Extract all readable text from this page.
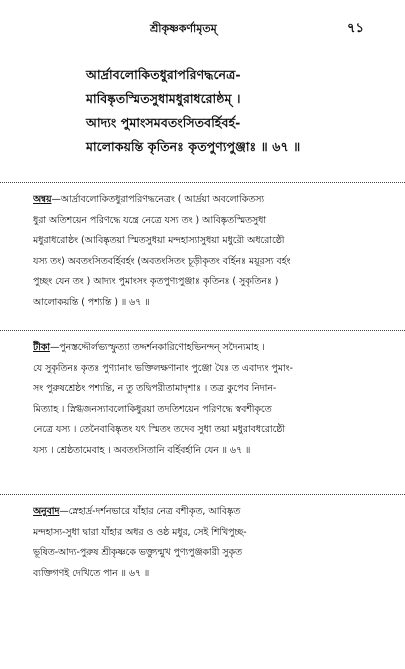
শ্রীকৃষ্ণকর্ণামৃতম্	৭১
আর্দ্রাবলোকিতধুরাপরিণদ্ধনেত্র-
মাবিষ্কৃতস্মিতসুধামধুরাধরোষ্ঠম্ ।
আদ্যং পুমাংসমবতংসিতবর্হিবর্হ-
মালোকয়ন্তি কৃতিনঃ কৃতপুণ্যপুঞ্জাঃ ॥ ৬৭ ॥
অন্বয়—আর্দ্রাবলোকিতধুরাপরিণদ্ধনেত্রং ( আর্দ্রয়া অবলোকিতস্য
ধুরা অতিশয়েন পরিণদ্ধে যন্ত্রে নেত্রে যস্য তং ) আবিষ্কৃতস্মিতসুধা
মধুরাধরোষ্ঠং (আবিষ্কৃতয়া স্মিতসুধয়া মন্দহাস্যাসুধয়া মধুরৌ অধরোষ্ঠৌ
যস্য তং) অবতংসিতবর্হিবর্হং (অবতংসিতং চূড়ীকৃতং বর্হিনঃ ময়ূরস্য বর্হং
পুচ্ছং যেন তং ) আদ্যং পুমাংসং কৃতপুণ্যপুঞ্জাঃ কৃতিনঃ ( সুকৃতিনঃ )
আলোকয়ন্তি ( পশ্যন্তি ) ॥ ৬৭ ॥
টীকা—পুনস্তদ্দৌর্লভ্যস্ফুত্যা তদ্দর্শনকারিণোহভিনন্দন্ সদৈন্যমাহ ।
যে সুকৃতিনঃ কৃতঃ পুণ্যানাং ভক্তিলক্ষণানাং পুঞ্জো যৈঃ ত এবাদ্যং পুমাং-
সং পুরুষশ্রেষ্ঠং পশ্যন্তি, ন তু তদ্বিপরীতামাদৃশাঃ । তত্র কুপেব নিদান-
মিত্যাহ । স্নিগ্ধজনস্যাবলোকিধুরয়া তদতিশয়েন পরিণদ্ধে স্ববশীকৃতে
নেত্রে যস্য । তেনৈবাবিষ্কৃতং যৎ স্মিতং তদেব সুধা তয়া মধুরাবধরোষ্ঠৌ
যস্য । শ্রেষ্ঠতামেবাহ । অবতংসিতানি বর্হিবর্হানি যেন ॥ ৬৭ ॥
অনুবাদ—স্নেহার্দ্র-দর্শনভারে যাঁহার নেত্র বশীকৃত, আবিষ্কৃত
মন্দহাস্য-সুধা দ্বারা যাঁহার অধর ও ওষ্ঠ মধুর, সেই শিখিপুচ্ছ-
ভূষিত-আদ্য-পুরুষ শ্রীকৃষ্ণকে ভক্ত্যুন্মুখ পুণ্যপুঞ্জকারী সুকৃত
ব্যক্তিগণই দেখিতে পান ॥ ৬৭ ॥
